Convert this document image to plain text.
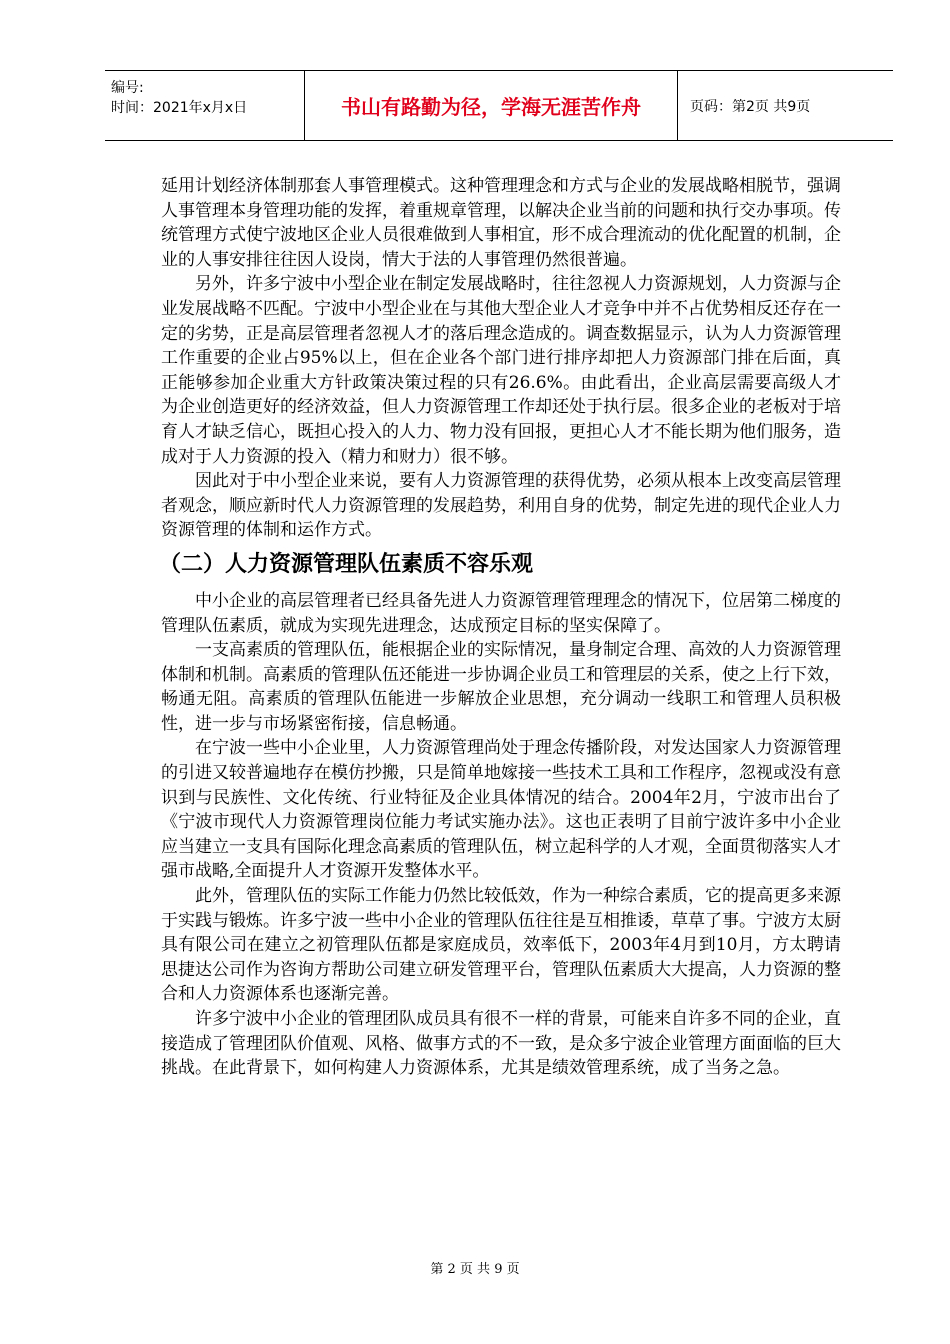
编号:
时间：2021年x月x日	书山有路勤为径，学海无涯苦作舟	页码：第2页 共9页

延用计划经济体制那套人事管理模式。这种管理理念和方式与企业的发展战略相脱节，强调人事管理本身管理功能的发挥，着重规章管理，以解决企业当前的问题和执行交办事项。传统管理方式使宁波地区企业人员很难做到人事相宜，形不成合理流动的优化配置的机制，企业的人事安排往往因人设岗，情大于法的人事管理仍然很普遍。

另外，许多宁波中小型企业在制定发展战略时，往往忽视人力资源规划，人力资源与企业发展战略不匹配。宁波中小型企业在与其他大型企业人才竞争中并不占优势相反还存在一定的劣势，正是高层管理者忽视人才的落后理念造成的。调查数据显示，认为人力资源管理工作重要的企业占95%以上，但在企业各个部门进行排序却把人力资源部门排在后面，真正能够参加企业重大方针政策决策过程的只有26.6%。由此看出，企业高层需要高级人才为企业创造更好的经济效益，但人力资源管理工作却还处于执行层。很多企业的老板对于培育人才缺乏信心，既担心投入的人力、物力没有回报，更担心人才不能长期为他们服务，造成对于人力资源的投入（精力和财力）很不够。

因此对于中小型企业来说，要有人力资源管理的获得优势，必须从根本上改变高层管理者观念，顺应新时代人力资源管理的发展趋势，利用自身的优势，制定先进的现代企业人力资源管理的体制和运作方式。

（二）人力资源管理队伍素质不容乐观

中小企业的高层管理者已经具备先进人力资源管理管理理念的情况下，位居第二梯度的管理队伍素质，就成为实现先进理念，达成预定目标的坚实保障了。

一支高素质的管理队伍，能根据企业的实际情况，量身制定合理、高效的人力资源管理体制和机制。高素质的管理队伍还能进一步协调企业员工和管理层的关系，使之上行下效，畅通无阻。高素质的管理队伍能进一步解放企业思想，充分调动一线职工和管理人员积极性，进一步与市场紧密衔接，信息畅通。

在宁波一些中小企业里，人力资源管理尚处于理念传播阶段，对发达国家人力资源管理的引进又较普遍地存在模仿抄搬，只是简单地嫁接一些技术工具和工作程序，忽视或没有意识到与民族性、文化传统、行业特征及企业具体情况的结合。2004年2月，宁波市出台了《宁波市现代人力资源管理岗位能力考试实施办法》。这也正表明了目前宁波许多中小企业应当建立一支具有国际化理念高素质的管理队伍，树立起科学的人才观，全面贯彻落实人才强市战略,全面提升人才资源开发整体水平。

此外，管理队伍的实际工作能力仍然比较低效，作为一种综合素质，它的提高更多来源于实践与锻炼。许多宁波一些中小企业的管理队伍往往是互相推诿，草草了事。宁波方太厨具有限公司在建立之初管理队伍都是家庭成员，效率低下，2003年4月到10月，方太聘请思捷达公司作为咨询方帮助公司建立研发管理平台，管理队伍素质大大提高，人力资源的整合和人力资源体系也逐渐完善。

许多宁波中小企业的管理团队成员具有很不一样的背景，可能来自许多不同的企业，直接造成了管理团队价值观、风格、做事方式的不一致，是众多宁波企业管理方面面临的巨大挑战。在此背景下，如何构建人力资源体系，尤其是绩效管理系统，成了当务之急。

第 2 页 共 9 页
